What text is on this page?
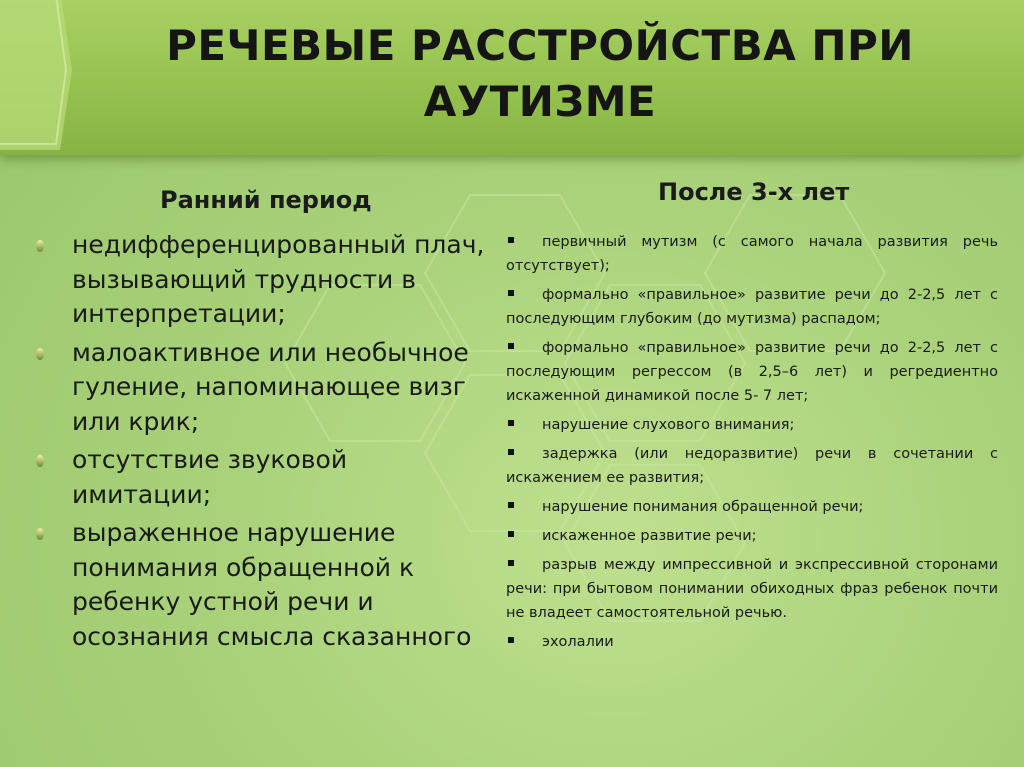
РЕЧЕВЫЕ РАССТРОЙСТВА ПРИ АУТИЗМЕ
Ранний период	После 3-х лет
недифференцированный плач, вызывающий трудности в интерпретации;
малоактивное или необычное гуление, напоминающее визг или крик;
отсутствие звуковой имитации;
выраженное нарушение понимания обращенной к ребенку устной речи и осознания смысла сказанного

первичный мутизм (с самого начала развития речь отсутствует);

формально «правильное» развитие речи до 2-2,5 лет с последующим глубоким (до мутизма) распадом;

формально «правильное» развитие речи до 2-2,5 лет с последующим регрессом (в 2,5–6 лет) и регредиентно искаженной динамикой после 5- 7 лет;

нарушение слухового внимания;

задержка (или недоразвитие) речи в сочетании с искажением ее развития;

нарушение понимания обращенной речи;

искаженное развитие речи;

разрыв между импрессивной и экспрессивной сторонами речи: при бытовом понимании обиходных фраз ребенок почти не владеет самостоятельной речью.

эхолалии
